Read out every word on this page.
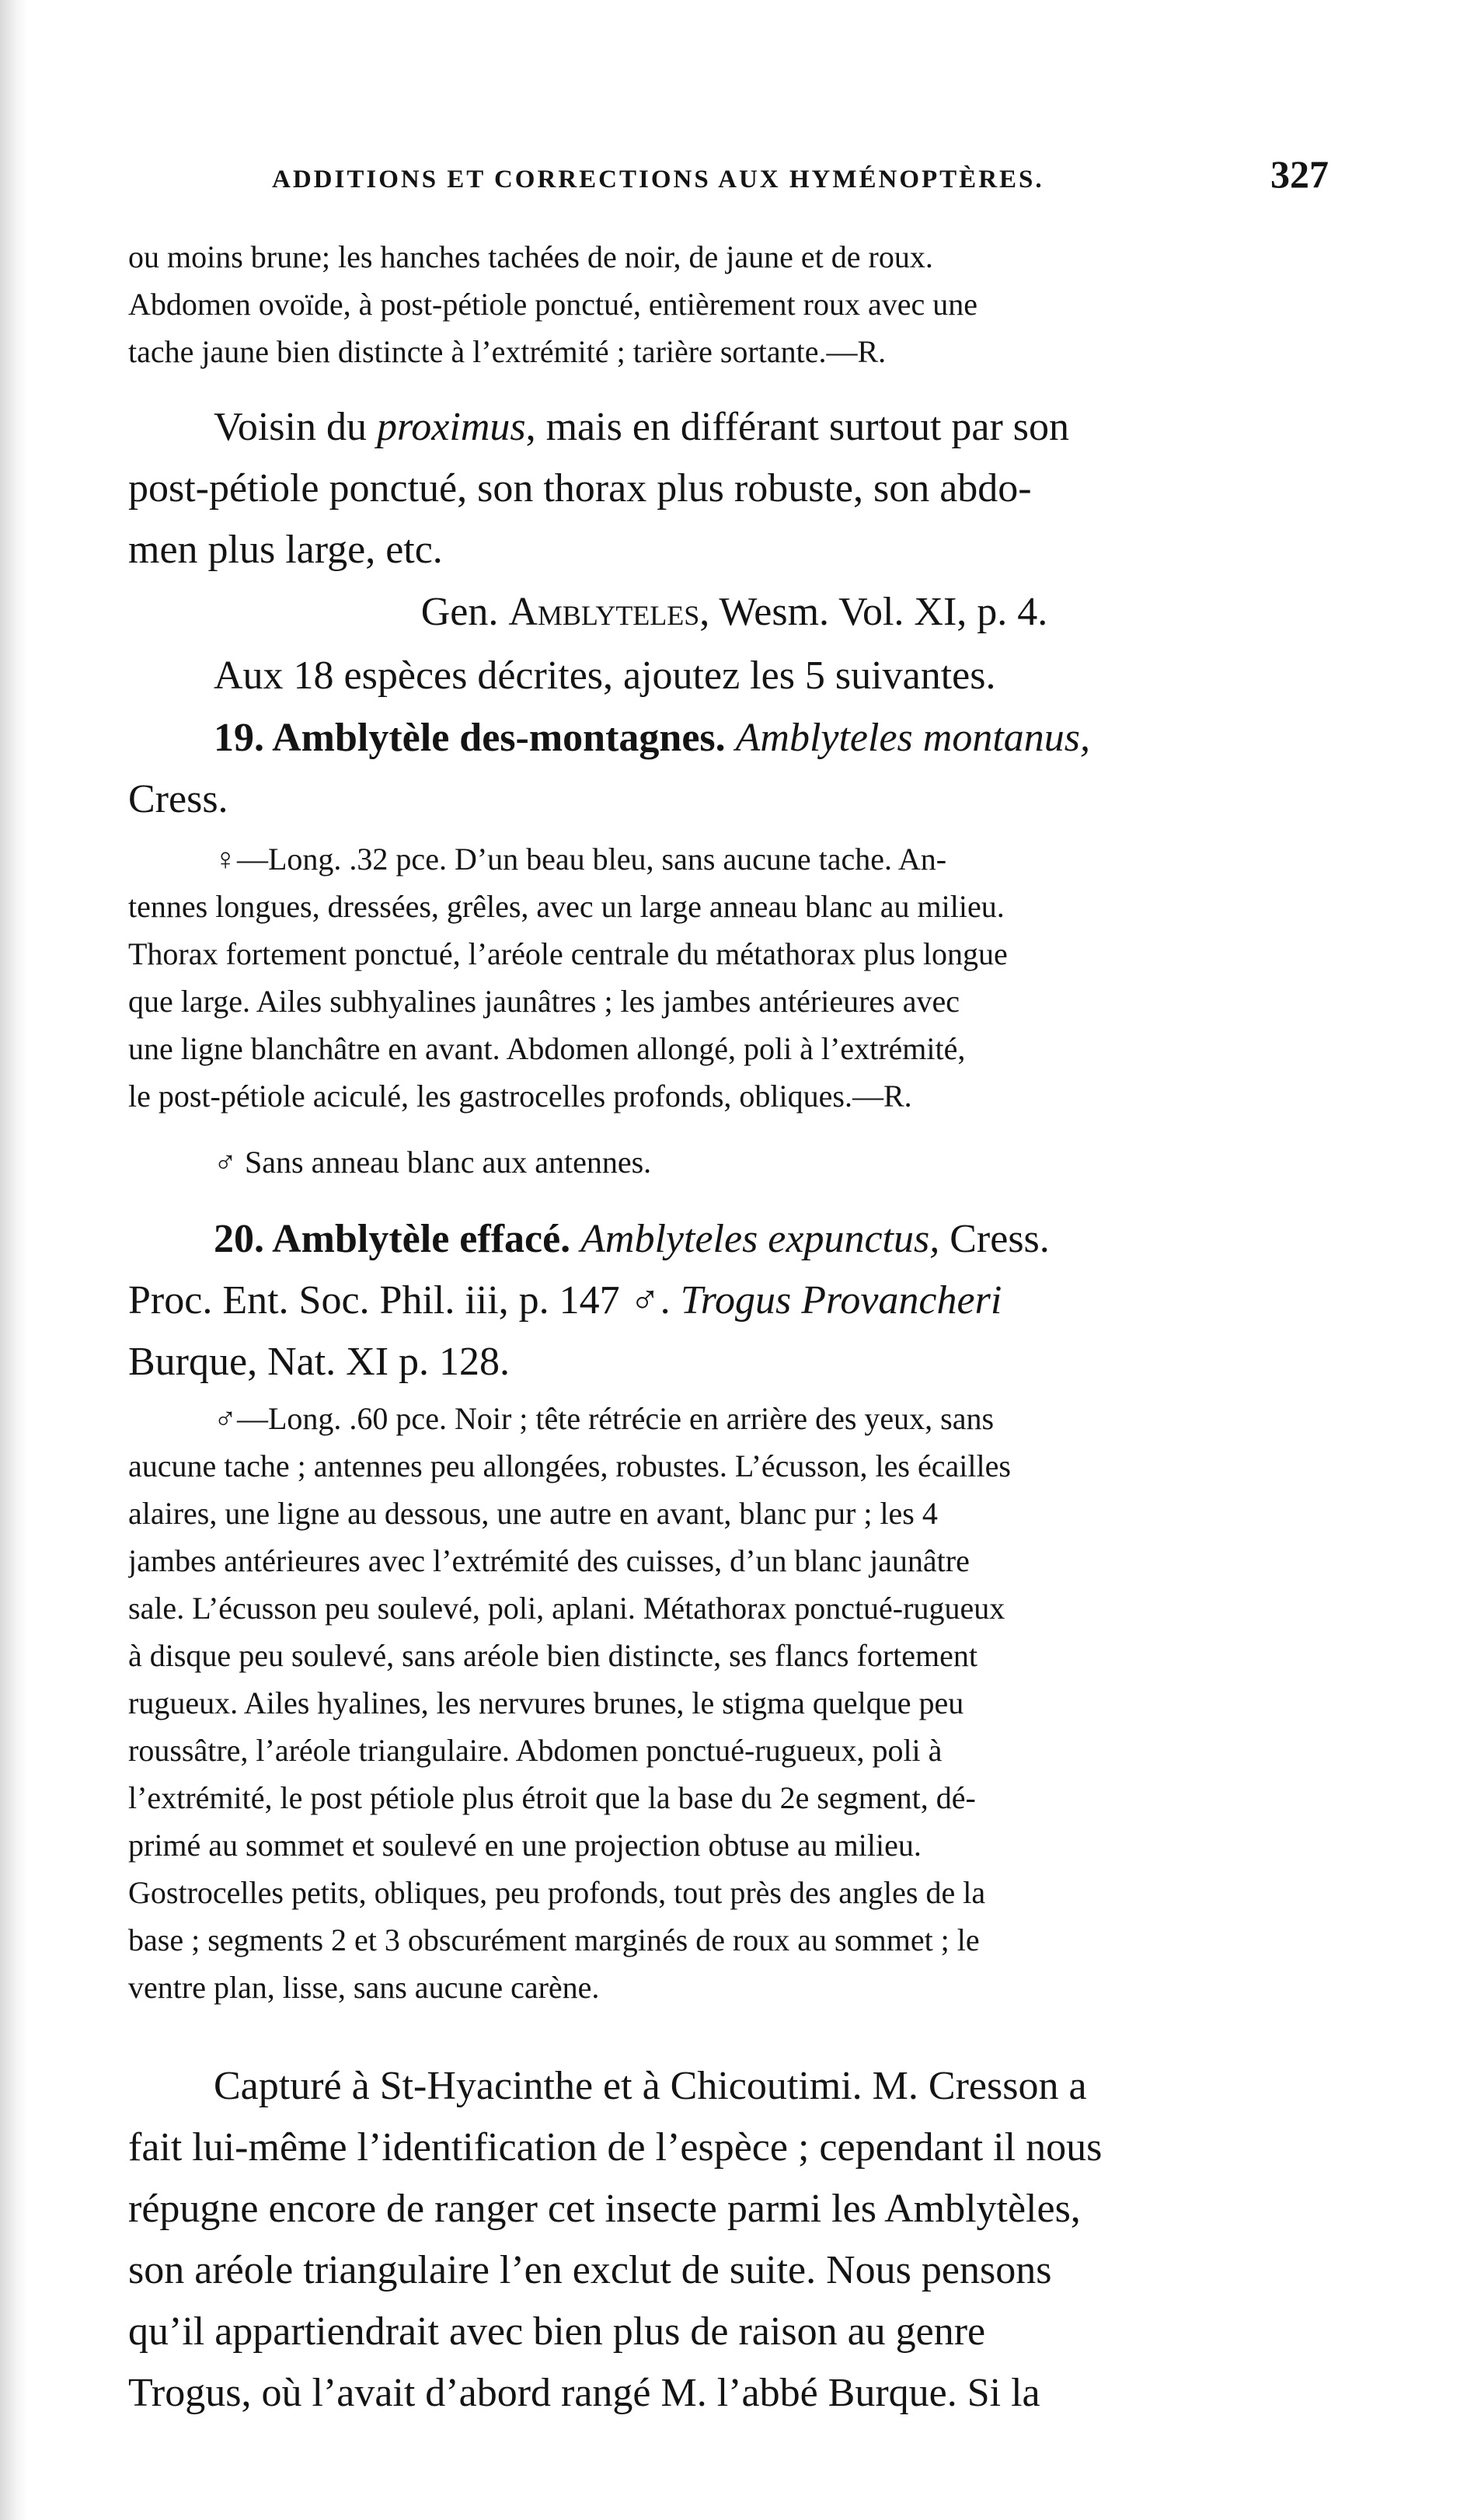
ADDITIONS ET CORRECTIONS AUX HYMÉNOPTÈRES.	327
ou moins brune; les hanches tachées de noir, de jaune et de roux.
Abdomen ovoïde, à post-pétiole ponctué, entièrement roux avec une
tache jaune bien distincte à l’extrémité ; tarière sortante.—R.
Voisin du proximus, mais en différant surtout par son
post-pétiole ponctué, son thorax plus robuste, son abdo-
men plus large, etc.
Gen. Amblyteles, Wesm. Vol. XI, p. 4.
Aux 18 espèces décrites, ajoutez les 5 suivantes.
19. Amblytèle des-montagnes. Amblyteles montanus,
Cress.
♀—Long. .32 pce. D’un beau bleu, sans aucune tache. An-
tennes longues, dressées, grêles, avec un large anneau blanc au milieu.
Thorax fortement ponctué, l’aréole centrale du métathorax plus longue
que large. Ailes subhyalines jaunâtres ; les jambes antérieures avec
une ligne blanchâtre en avant. Abdomen allongé, poli à l’extrémité,
le post-pétiole aciculé, les gastrocelles profonds, obliques.—R.
♂ Sans anneau blanc aux antennes.
20. Amblytèle effacé. Amblyteles expunctus, Cress.
Proc. Ent. Soc. Phil. iii, p. 147 ♂. Trogus Provancheri
Burque, Nat. XI p. 128.
♂—Long. .60 pce. Noir ; tête rétrécie en arrière des yeux, sans
aucune tache ; antennes peu allongées, robustes. L’écusson, les écailles
alaires, une ligne au dessous, une autre en avant, blanc pur ; les 4
jambes antérieures avec l’extrémité des cuisses, d’un blanc jaunâtre
sale. L’écusson peu soulevé, poli, aplani. Métathorax ponctué-rugueux
à disque peu soulevé, sans aréole bien distincte, ses flancs fortement
rugueux. Ailes hyalines, les nervures brunes, le stigma quelque peu
roussâtre, l’aréole triangulaire. Abdomen ponctué-rugueux, poli à
l’extrémité, le post pétiole plus étroit que la base du 2e segment, dé-
primé au sommet et soulevé en une projection obtuse au milieu.
Gostrocelles petits, obliques, peu profonds, tout près des angles de la
base ; segments 2 et 3 obscurément marginés de roux au sommet ; le
ventre plan, lisse, sans aucune carène.
Capturé à St-Hyacinthe et à Chicoutimi. M. Cresson a
fait lui-même l’identification de l’espèce ; cependant il nous
répugne encore de ranger cet insecte parmi les Amblytèles,
son aréole triangulaire l’en exclut de suite. Nous pensons
qu’il appartiendrait avec bien plus de raison au genre
Trogus, où l’avait d’abord rangé M. l’abbé Burque. Si la
